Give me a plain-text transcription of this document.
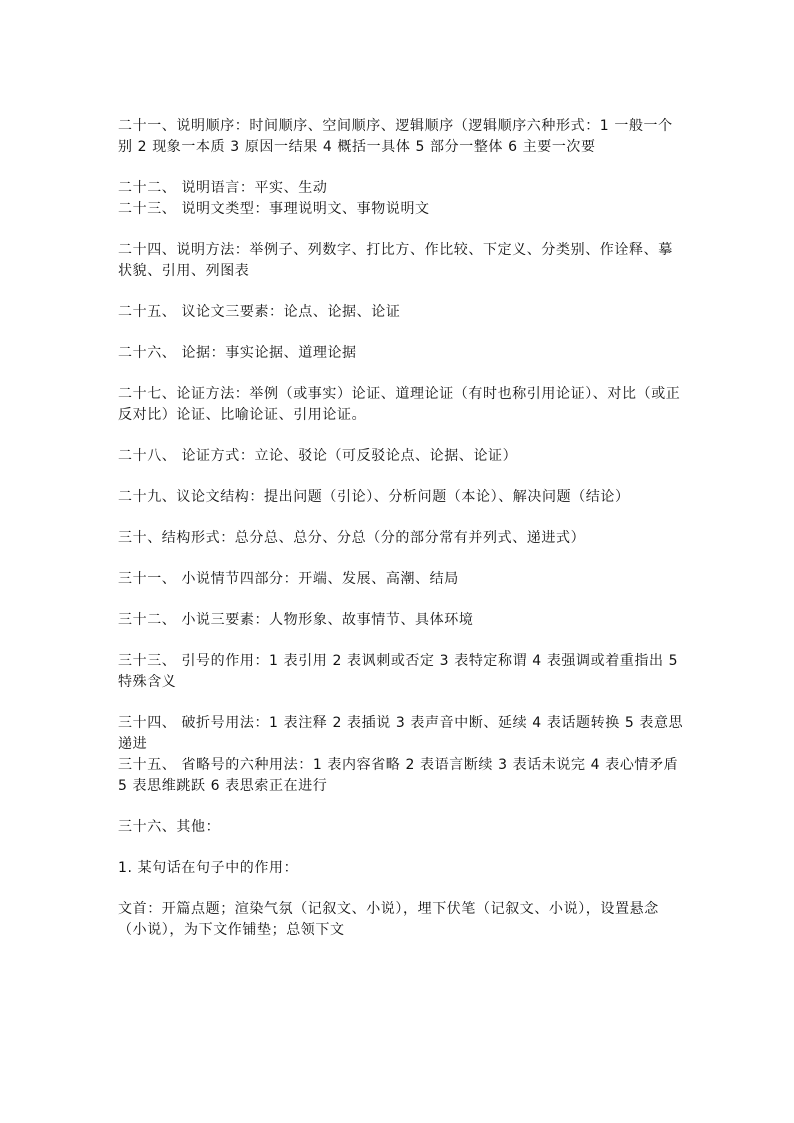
二十一、说明顺序：时间顺序、空间顺序、逻辑顺序（逻辑顺序六种形式：1 一般一个别 2 现象一本质 3 原因一结果 4 概括一具体 5 部分一整体 6 主要一次要

二十二、 说明语言：平实、生动

二十三、 说明文类型：事理说明文、事物说明文

二十四、说明方法：举例子、列数字、打比方、作比较、下定义、分类别、作诠释、摹状貌、引用、列图表

二十五、 议论文三要素：论点、论据、论证

二十六、 论据：事实论据、道理论据

二十七、论证方法：举例（或事实）论证、道理论证（有时也称引用论证）、对比（或正反对比）论证、比喻论证、引用论证。

二十八、 论证方式：立论、驳论（可反驳论点、论据、论证）

二十九、议论文结构：提出问题（引论）、分析问题（本论）、解决问题（结论）

三十、结构形式：总分总、总分、分总（分的部分常有并列式、递进式）

三十一、 小说情节四部分：开端、发展、高潮、结局

三十二、 小说三要素：人物形象、故事情节、具体环境

三十三、 引号的作用：1 表引用 2 表讽刺或否定 3 表特定称谓 4 表强调或着重指出 5 特殊含义

三十四、 破折号用法：1 表注释 2 表插说 3 表声音中断、延续 4 表话题转换 5 表意思递进

三十五、 省略号的六种用法：1 表内容省略 2 表语言断续 3 表话未说完 4 表心情矛盾 5 表思维跳跃 6 表思索正在进行

三十六、其他：

1. 某句话在句子中的作用：

文首：开篇点题；渲染气氛（记叙文、小说），埋下伏笔（记叙文、小说），设置悬念（小说），为下文作铺垫；总领下文
